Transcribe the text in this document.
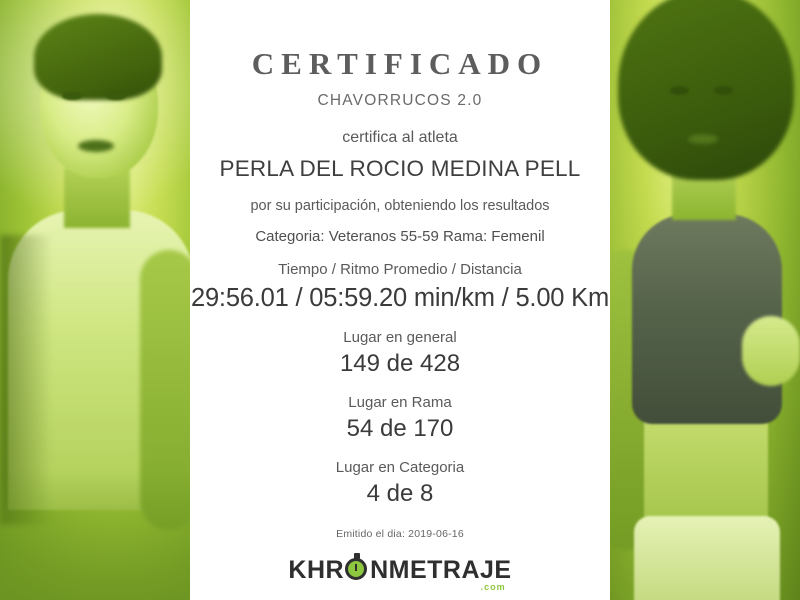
CERTIFICADO
CHAVORRUCOS 2.0
certifica al atleta
PERLA DEL ROCIO MEDINA PELL
por su participación, obteniendo los resultados
Categoria: Veteranos 55-59 Rama: Femenil
Tiempo / Ritmo Promedio / Distancia
29:56.01 / 05:59.20 min/km / 5.00 Km
Lugar en general
149 de 428
Lugar en Rama
54 de 170
Lugar en Categoria
4 de 8
Emitido el dia: 2019-06-16
KHR NMETRAJE
.com
